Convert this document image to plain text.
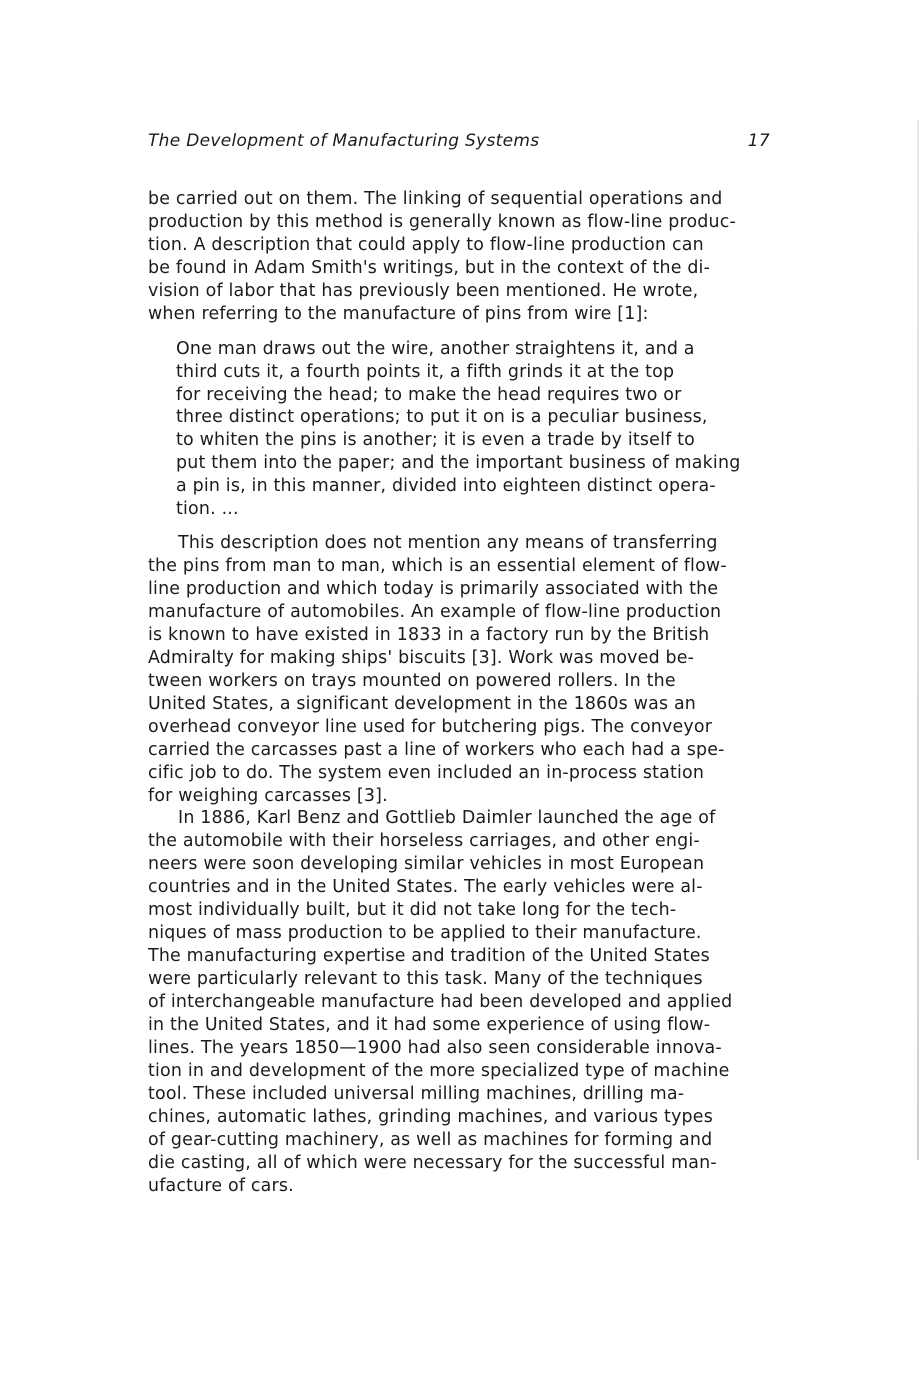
The Development of Manufacturing Systems	17
be carried out on them. The linking of sequential operations and
production by this method is generally known as flow-line produc-
tion. A description that could apply to flow-line production can
be found in Adam Smith's writings, but in the context of the di-
vision of labor that has previously been mentioned. He wrote,
when referring to the manufacture of pins from wire [1]:
One man draws out the wire, another straightens it, and a
third cuts it, a fourth points it, a fifth grinds it at the top
for receiving the head; to make the head requires two or
three distinct operations; to put it on is a peculiar business,
to whiten the pins is another; it is even a trade by itself to
put them into the paper; and the important business of making
a pin is, in this manner, divided into eighteen distinct opera-
tion. ...
This description does not mention any means of transferring
the pins from man to man, which is an essential element of flow-
line production and which today is primarily associated with the
manufacture of automobiles. An example of flow-line production
is known to have existed in 1833 in a factory run by the British
Admiralty for making ships' biscuits [3]. Work was moved be-
tween workers on trays mounted on powered rollers. In the
United States, a significant development in the 1860s was an
overhead conveyor line used for butchering pigs. The conveyor
carried the carcasses past a line of workers who each had a spe-
cific job to do. The system even included an in-process station
for weighing carcasses [3].
In 1886, Karl Benz and Gottlieb Daimler launched the age of
the automobile with their horseless carriages, and other engi-
neers were soon developing similar vehicles in most European
countries and in the United States. The early vehicles were al-
most individually built, but it did not take long for the tech-
niques of mass production to be applied to their manufacture.
The manufacturing expertise and tradition of the United States
were particularly relevant to this task. Many of the techniques
of interchangeable manufacture had been developed and applied
in the United States, and it had some experience of using flow-
lines. The years 1850—1900 had also seen considerable innova-
tion in and development of the more specialized type of machine
tool. These included universal milling machines, drilling ma-
chines, automatic lathes, grinding machines, and various types
of gear-cutting machinery, as well as machines for forming and
die casting, all of which were necessary for the successful man-
ufacture of cars.
